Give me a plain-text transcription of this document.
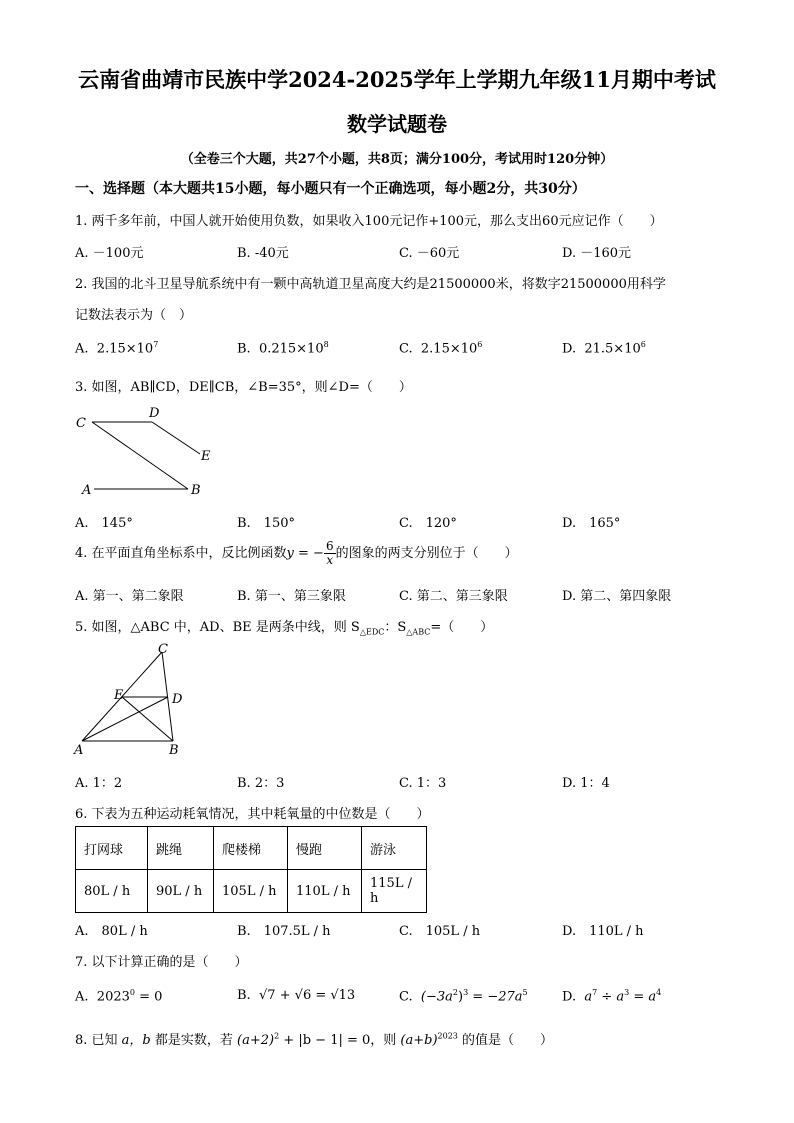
云南省曲靖市民族中学2024-2025学年上学期九年级11月期中考试
数学试题卷
（全卷三个大题，共27个小题，共8页；满分100分，考试用时120分钟）
一、选择题（本大题共15小题，每小题只有一个正确选项，每小题2分，共30分）
1. 两千多年前，中国人就开始使用负数，如果收入100元记作+100元，那么支出60元应记作（　　）
A. －100元	B. -40元	C. －60元	D. －160元
2. 我国的北斗卫星导航系统中有一颗中高轨道卫星高度大约是21500000米，将数字21500000用科学
记数法表示为（　）
A. $2.15\times 10^7$	B. $0.215\times 10^8$	C. $2.15\times 10^6$	D. $21.5\times 10^6$
3. 如图，AB∥CD，DE∥CB，∠B=35°，则∠D=（　　）
C
D
E
A	B
A.　145°	B.　150°	C.　120°	D.　165°
4. 在平面直角坐标系中，反比例函数y = − $\frac{6}{x}$ 的图象的两支分别位于（　　）
A. 第一、第二象限	B. 第一、第三象限	C. 第二、第三象限	D. 第二、第四象限
5. 如图，△ABC 中，AD、BE 是两条中线，则 $S_{\triangle EDC}$：$S_{\triangle ABC}=$（　　）
C
E	D
A	B
A. 1：2	B. 2：3	C. 1：3	D. 1：4
6. 下表为五种运动耗氧情况，其中耗氧量的中位数是（　　）
打网球	跳绳	爬楼梯	慢跑	游泳
80L / h	90L / h	105L / h	110L / h	115L / h
A.　80L / h	B.　107.5L / h	C.　105L / h	D.　110L / h
7. 以下计算正确的是（　　）
A. $2023^0 = 0$	B. √7 + √6 = √13	C. $(-3a^2)^3 = -27a^5$	D. $a^7 \div a^3 = a^4$
8. 已知 a，b 都是实数，若 $(a+2)^2 + |b - 1| = 0$，则 $(a+b)^{2023}$ 的值是（　　）
